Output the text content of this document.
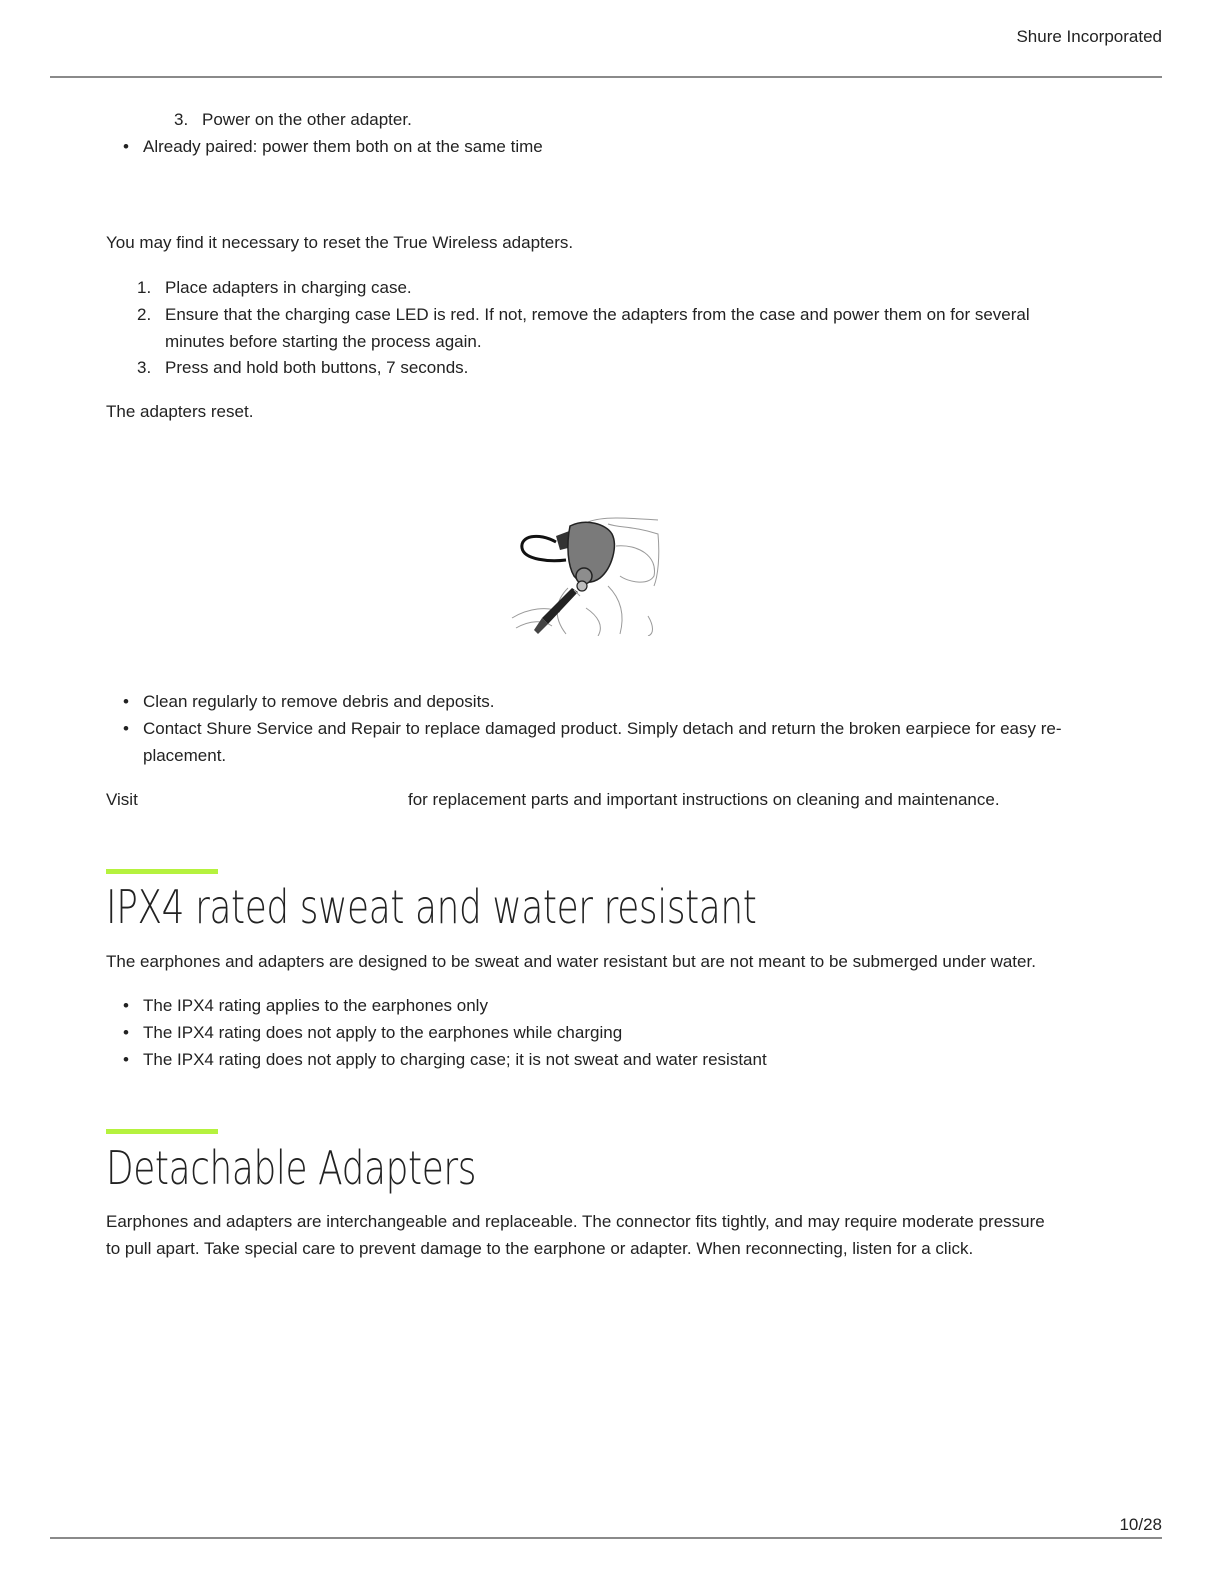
Shure Incorporated
3. Power on the other adapter.
• Already paired: power them both on at the same time
You may find it necessary to reset the True Wireless adapters.
1. Place adapters in charging case.
2. Ensure that the charging case LED is red. If not, remove the adapters from the case and power them on for several
minutes before starting the process again.
3. Press and hold both buttons, 7 seconds.
The adapters reset.
• Clean regularly to remove debris and deposits.
• Contact Shure Service and Repair to replace damaged product. Simply detach and return the broken earpiece for easy re-
placement.
Visit	for replacement parts and important instructions on cleaning and maintenance.
IPX4 rated sweat and water resistant
The earphones and adapters are designed to be sweat and water resistant but are not meant to be submerged under water.
• The IPX4 rating applies to the earphones only
• The IPX4 rating does not apply to the earphones while charging
• The IPX4 rating does not apply to charging case; it is not sweat and water resistant
Detachable Adapters
Earphones and adapters are interchangeable and replaceable. The connector fits tightly, and may require moderate pressure
to pull apart. Take special care to prevent damage to the earphone or adapter. When reconnecting, listen for a click.
10/28
